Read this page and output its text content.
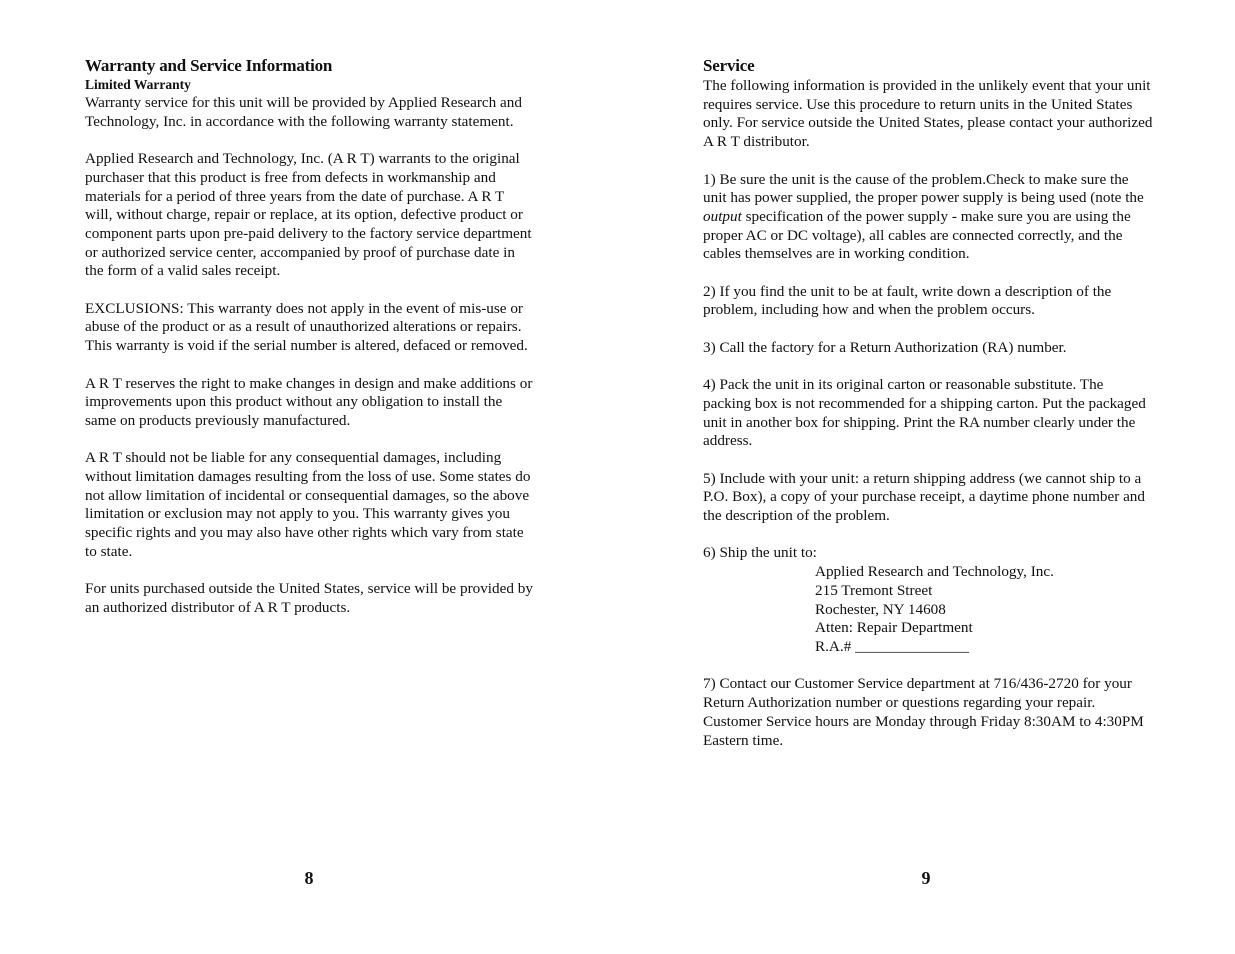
Warranty and Service Information
Limited Warranty

Warranty service for this unit will be provided by Applied Research and Technology, Inc. in accordance with the following warranty statement.

Applied Research and Technology, Inc. (A R T) warrants to the original purchaser that this product is free from defects in workmanship and materials for a period of three years from the date of purchase. A R T will, without charge, repair or replace, at its option, defective product or component parts upon pre-paid delivery to the factory service department or authorized service center, accompanied by proof of purchase date in the form of a valid sales receipt.

EXCLUSIONS: This warranty does not apply in the event of mis-use or abuse of the product or as a result of unauthorized alterations or repairs. This warranty is void if the serial number is altered, defaced or removed.

A R T reserves the right to make changes in design and make additions or improvements upon this product without any obligation to install the same on products previously manufactured.

A R T should not be liable for any consequential damages, including without limitation damages resulting from the loss of use. Some states do not allow limitation of incidental or consequential damages, so the above limitation or exclusion may not apply to you. This warranty gives you specific rights and you may also have other rights which vary from state to state.

For units purchased outside the United States, service will be provided by an authorized distributor of A R T products.

8
Service

The following information is provided in the unlikely event that your unit requires service. Use this procedure to return units in the United States only. For service outside the United States, please contact your authorized A R T distributor.

1) Be sure the unit is the cause of the problem.Check to make sure the unit has power supplied, the proper power supply is being used (note the output specification of the power supply - make sure you are using the proper AC or DC voltage), all cables are connected correctly, and the cables themselves are in working condition.

2) If you find the unit to be at fault, write down a description of the problem, including how and when the problem occurs.

3) Call the factory for a Return Authorization (RA) number.

4) Pack the unit in its original carton or reasonable substitute. The packing box is not recommended for a shipping carton. Put the packaged unit in another box for shipping. Print the RA number clearly under the address.

5) Include with your unit: a return shipping address (we cannot ship to a P.O. Box), a copy of your purchase receipt, a daytime phone number and the description of the problem.

6) Ship the unit to:

Applied Research and Technology, Inc.
215 Tremont Street
Rochester, NY 14608
Atten: Repair Department
R.A.# _______________

7) Contact our Customer Service department at 716/436-2720 for your Return Authorization number or questions regarding your repair. Customer Service hours are Monday through Friday 8:30AM to 4:30PM Eastern time.

9
